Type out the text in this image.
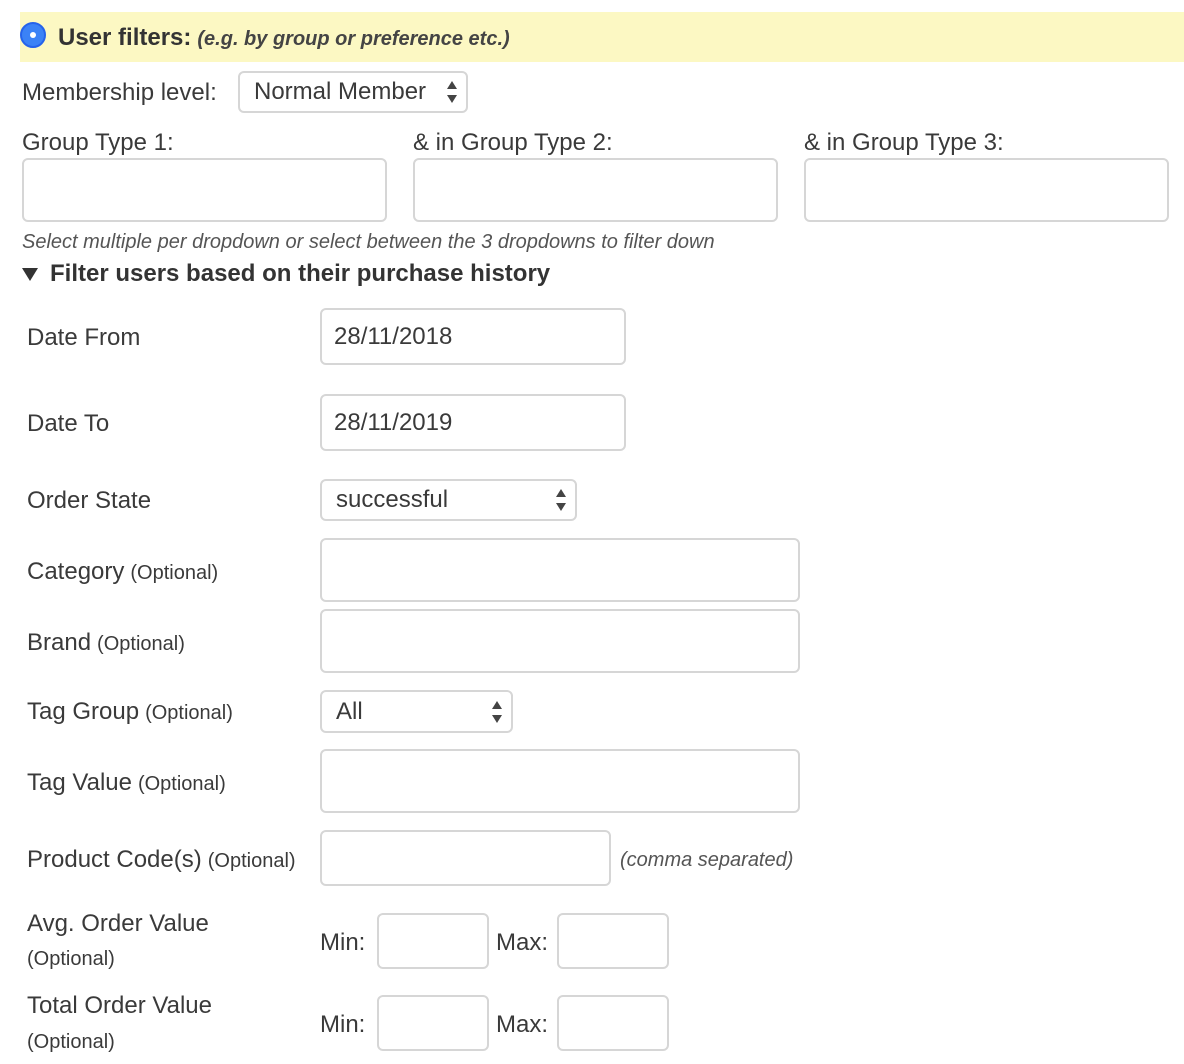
User filters: (e.g. by group or preference etc.)
Membership level: Normal Member
Group Type 1:	& in Group Type 2:	& in Group Type 3:
Select multiple per dropdown or select between the 3 dropdowns to filter down
Filter users based on their purchase history
Date From	28/11/2018
Date To	28/11/2019
Order State	successful
Category (Optional)
Brand (Optional)
Tag Group (Optional)	All
Tag Value (Optional)
Product Code(s) (Optional)	(comma separated)
Avg. Order Value
(Optional)
Min:	Max:
Total Order Value
(Optional)
Min:	Max:
